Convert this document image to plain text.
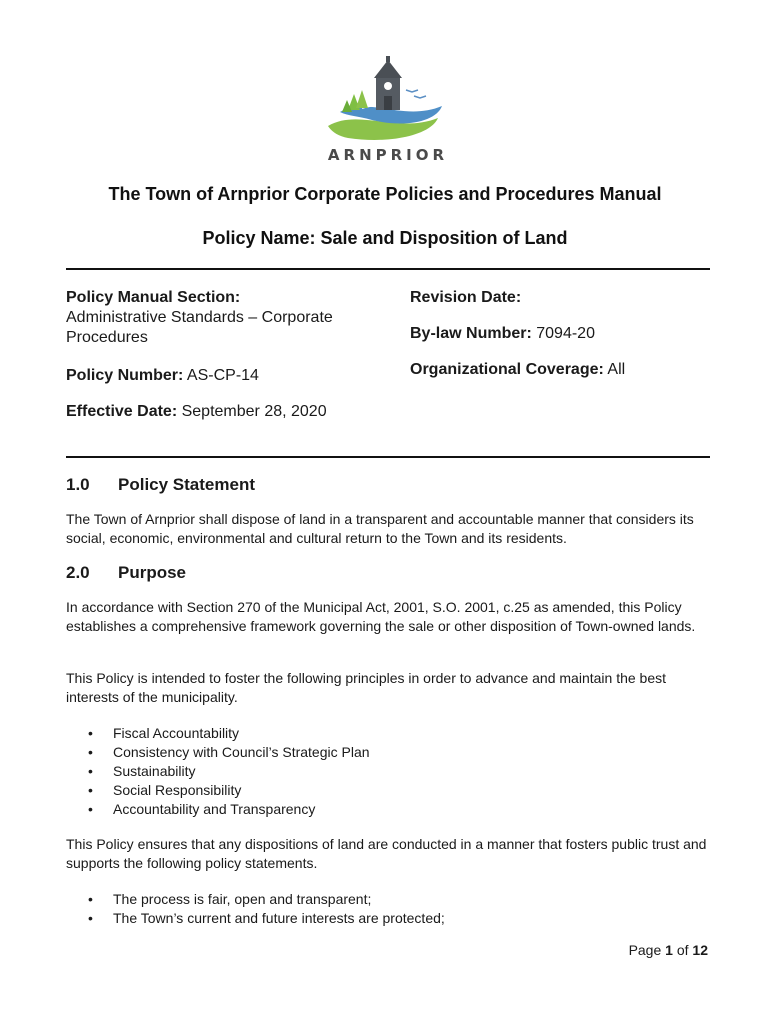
ARNPRIOR
The Town of Arnprior Corporate Policies and Procedures Manual
Policy Name: Sale and Disposition of Land
Policy Manual Section:
Administrative Standards – Corporate
Procedures
Policy Number: AS-CP-14
Effective Date: September 28, 2020
Revision Date:
By-law Number: 7094-20
Organizational Coverage: All
1.0 Policy Statement
The Town of Arnprior shall dispose of land in a transparent and accountable manner that considers its social, economic, environmental and cultural return to the Town and its residents.
2.0 Purpose
In accordance with Section 270 of the Municipal Act, 2001, S.O. 2001, c.25 as amended, this Policy establishes a comprehensive framework governing the sale or other disposition of Town-owned lands.
This Policy is intended to foster the following principles in order to advance and maintain the best interests of the municipality.
• Fiscal Accountability
• Consistency with Council’s Strategic Plan
• Sustainability
• Social Responsibility
• Accountability and Transparency
This Policy ensures that any dispositions of land are conducted in a manner that fosters public trust and supports the following policy statements.
• The process is fair, open and transparent;
• The Town’s current and future interests are protected;
Page 1 of 12
